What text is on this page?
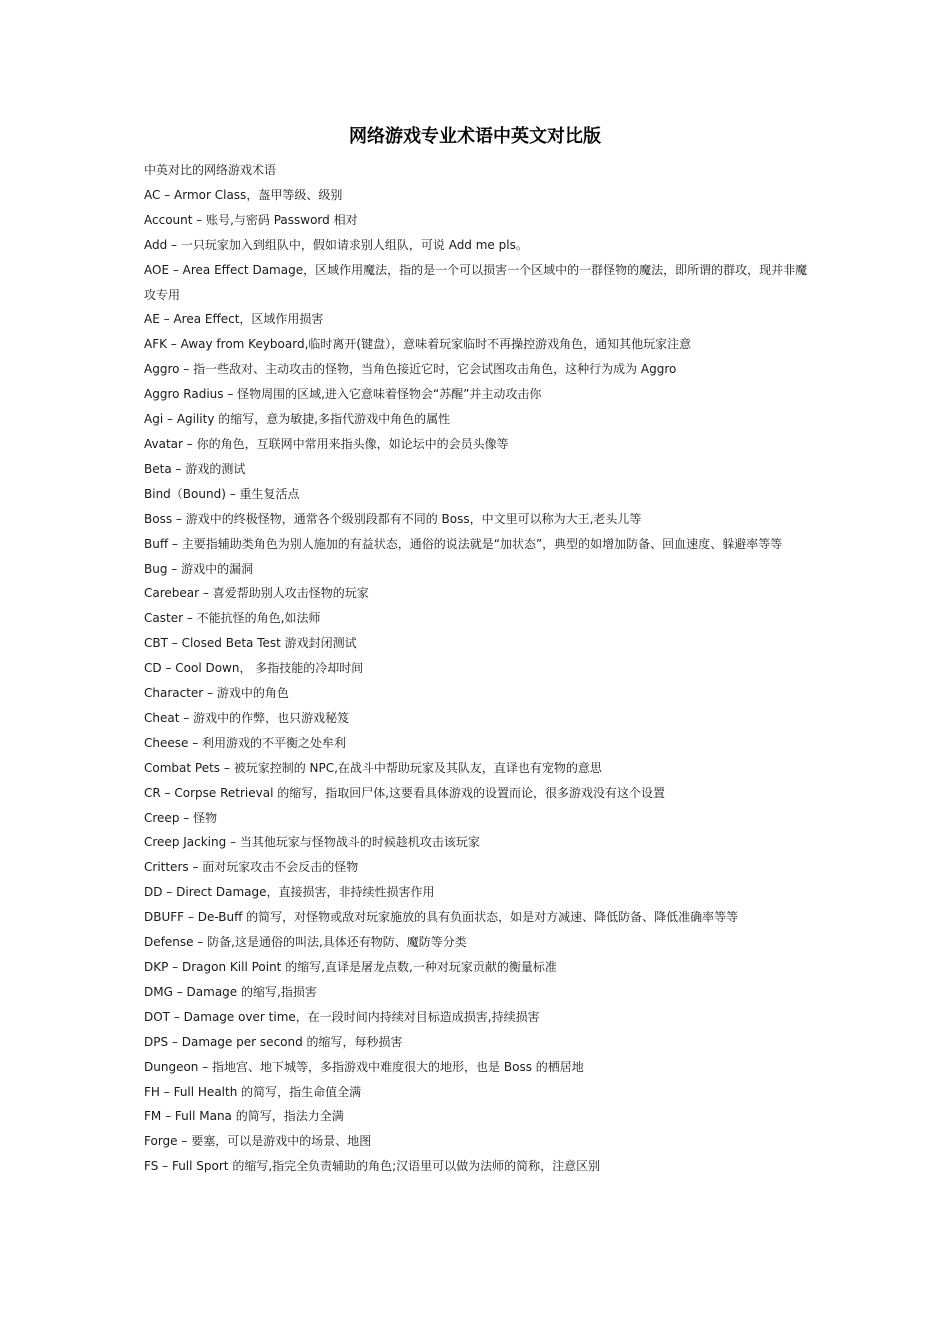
网络游戏专业术语中英文对比版

中英对比的网络游戏术语

AC – Armor Class，盔甲等级、级别

Account – 账号,与密码 Password 相对

Add – 一只玩家加入到组队中，假如请求别人组队，可说 Add me pls。

AOE – Area Effect Damage，区域作用魔法，指的是一个可以损害一个区域中的一群怪物的魔法，即所谓的群攻，现并非魔攻专用

AE – Area Effect，区域作用损害

AFK – Away from Keyboard,临时离开(键盘），意味着玩家临时不再操控游戏角色，通知其他玩家注意

Aggro – 指一些敌对、主动攻击的怪物，当角色接近它时，它会试图攻击角色，这种行为成为 Aggro

Aggro Radius – 怪物周围的区域,进入它意味着怪物会“苏醒”并主动攻击你

Agi – Agility 的缩写，意为敏捷,多指代游戏中角色的属性

Avatar – 你的角色，互联网中常用来指头像，如论坛中的会员头像等

Beta – 游戏的测试

Bind（Bound) – 重生复活点

Boss – 游戏中的终极怪物，通常各个级别段都有不同的 Boss，中文里可以称为大王,老头儿等

Buff – 主要指辅助类角色为别人施加的有益状态，通俗的说法就是“加状态”，典型的如增加防备、回血速度、躲避率等等

Bug – 游戏中的漏洞

Carebear – 喜爱帮助别人攻击怪物的玩家

Caster – 不能抗怪的角色,如法师

CBT – Closed Beta Test 游戏封闭测试

CD – Cool Down， 多指技能的冷却时间

Character – 游戏中的角色

Cheat – 游戏中的作弊，也只游戏秘笈

Cheese – 利用游戏的不平衡之处牟利

Combat Pets – 被玩家控制的 NPC,在战斗中帮助玩家及其队友，直译也有宠物的意思

CR – Corpse Retrieval 的缩写，指取回尸体,这要看具体游戏的设置而论，很多游戏没有这个设置

Creep – 怪物

Creep Jacking – 当其他玩家与怪物战斗的时候趁机攻击该玩家

Critters – 面对玩家攻击不会反击的怪物

DD – Direct Damage，直接损害，非持续性损害作用

DBUFF – De-Buff 的简写，对怪物或敌对玩家施放的具有负面状态，如是对方减速、降低防备、降低准确率等等

Defense – 防备,这是通俗的叫法,具体还有物防、魔防等分类

DKP – Dragon Kill Point 的缩写,直译是屠龙点数,一种对玩家贡献的衡量标准

DMG – Damage 的缩写,指损害

DOT – Damage over time，在一段时间内持续对目标造成损害,持续损害

DPS – Damage per second 的缩写，每秒损害

Dungeon – 指地宫、地下城等，多指游戏中难度很大的地形，也是 Boss 的栖居地

FH – Full Health 的简写，指生命值全满

FM – Full Mana 的简写，指法力全满

Forge – 要塞，可以是游戏中的场景、地图

FS – Full Sport 的缩写,指完全负责辅助的角色;汉语里可以做为法师的简称，注意区别
